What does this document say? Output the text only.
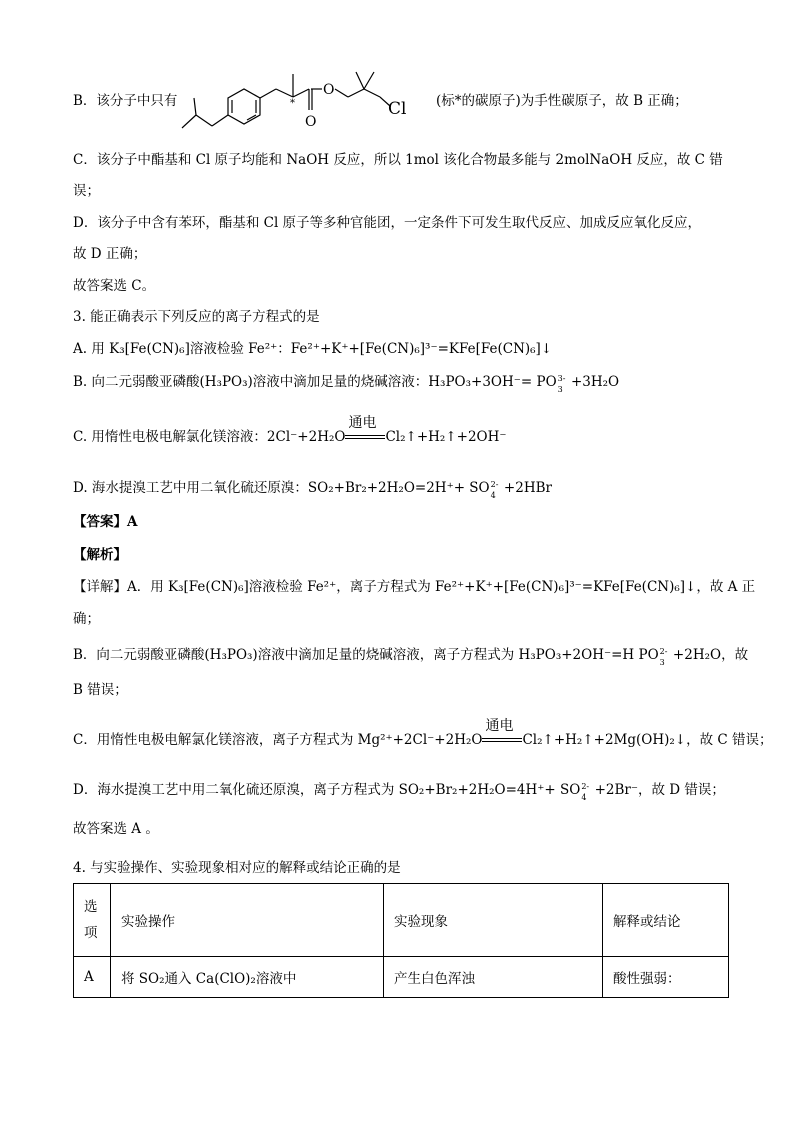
B．该分子中只有	*
O
O
Cl (标*的碳原子)为手性碳原子，故 B 正确；
C．该分子中酯基和 Cl 原子均能和 NaOH 反应，所以 1mol 该化合物最多能与 2molNaOH 反应，故 C 错
误；
D．该分子中含有苯环，酯基和 Cl 原子等多种官能团，一定条件下可发生取代反应、加成反应氧化反应，
故 D 正确；
故答案选 C。
3. 能正确表示下列反应的离子方程式的是
A. 用 K₃[Fe(CN)₆]溶液检验 Fe²⁺：Fe²⁺+K⁺+[Fe(CN)₆]³⁻=KFe[Fe(CN)₆]↓
B. 向二元弱酸亚磷酸(H₃PO₃)溶液中滴加足量的烧碱溶液：H₃PO₃+3OH⁻= PO 3-
3 +3H₂O
C. 用惰性电极电解氯化镁溶液：2Cl⁻+2H₂O
通电
Cl₂↑+H₂↑+2OH⁻
D. 海水提溴工艺中用二氧化硫还原溴：SO₂+Br₂+2H₂O=2H⁺+ SO 2-
4 +2HBr
【答案】A
【解析】
【详解】A．用 K₃[Fe(CN)₆]溶液检验 Fe²⁺，离子方程式为 Fe²⁺+K⁺+[Fe(CN)₆]³⁻=KFe[Fe(CN)₆]↓，故 A 正
确；
B．向二元弱酸亚磷酸(H₃PO₃)溶液中滴加足量的烧碱溶液，离子方程式为 H₃PO₃+2OH⁻=H PO 2-
3 +2H₂O，故
B 错误；
C．用惰性电极电解氯化镁溶液，离子方程式为 Mg²⁺+2Cl⁻+2H₂O
通电
Cl₂↑+H₂↑+2Mg(OH)₂↓，故 C 错误；
D．海水提溴工艺中用二氧化硫还原溴，离子方程式为 SO₂+Br₂+2H₂O=4H⁺+ SO 2-
4 +2Br⁻，故 D 错误；
故答案选 A 。
4. 与实验操作、实验现象相对应的解释或结论正确的是
选
项	实验操作	实验现象	解释或结论
A	将 SO₂通入 Ca(ClO)₂溶液中	产生白色浑浊	酸性强弱：
